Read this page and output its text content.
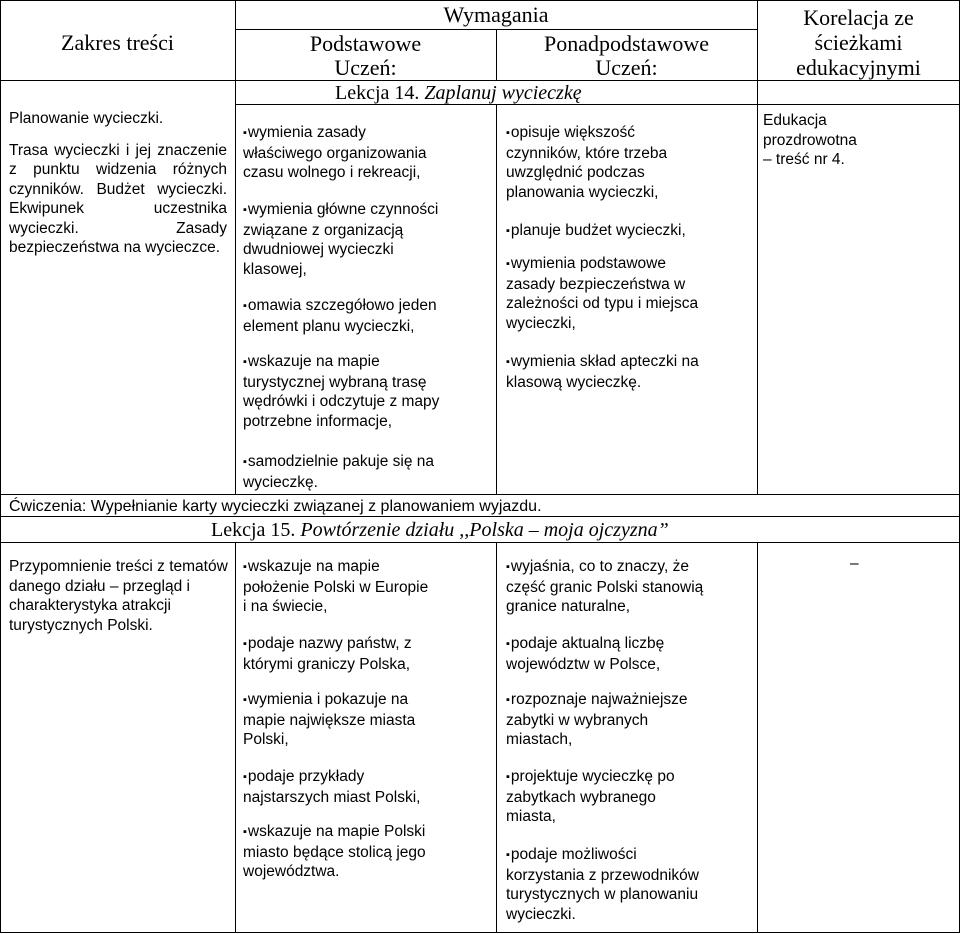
Zakres treści
Wymagania
Podstawowe
Uczeń:
Ponadpodstawowe
Uczeń:
Korelacja ze
ścieżkami
edukacyjnymi
Lekcja 14. Zaplanuj wycieczkę

Planowanie wycieczki.

Trasa wycieczki i jej znaczenie z punktu widzenia różnych czynników. Budżet wycieczki. Ekwipunek uczestnika wycieczki. Zasady bezpieczeństwa na wycieczce.

▪wymienia zasady
właściwego organizowania
czasu wolnego i rekreacji,
▪wymienia główne czynności
związane z organizacją
dwudniowej wycieczki
klasowej,
▪omawia szczegółowo jeden
element planu wycieczki,
▪wskazuje na mapie
turystycznej wybraną trasę
wędrówki i odczytuje z mapy
potrzebne informacje,
▪samodzielnie pakuje się na
wycieczkę.
▪opisuje większość
czynników, które trzeba
uwzględnić podczas
planowania wycieczki,
▪planuje budżet wycieczki,
▪wymienia podstawowe
zasady bezpieczeństwa w
zależności od typu i miejsca
wycieczki,
▪wymienia skład apteczki na
klasową wycieczkę.
Edukacja
prozdrowotna
– treść nr 4.
Ćwiczenia: Wypełnianie karty wycieczki związanej z planowaniem wyjazdu.
Lekcja 15. Powtórzenie działu ,,Polska – moja ojczyzna”
Przypomnienie treści z tematów danego działu – przegląd i charakterystyka atrakcji turystycznych Polski.
▪wskazuje na mapie
położenie Polski w Europie
i na świecie,
▪podaje nazwy państw, z
którymi graniczy Polska,
▪wymienia i pokazuje na
mapie największe miasta
Polski,
▪podaje przykłady
najstarszych miast Polski,
▪wskazuje na mapie Polski
miasto będące stolicą jego
województwa.
▪wyjaśnia, co to znaczy, że
część granic Polski stanowią
granice naturalne,
▪podaje aktualną liczbę
województw w Polsce,
▪rozpoznaje najważniejsze
zabytki w wybranych
miastach,
▪projektuje wycieczkę po
zabytkach wybranego
miasta,
▪podaje możliwości
korzystania z przewodników
turystycznych w planowaniu
wycieczki.
–
